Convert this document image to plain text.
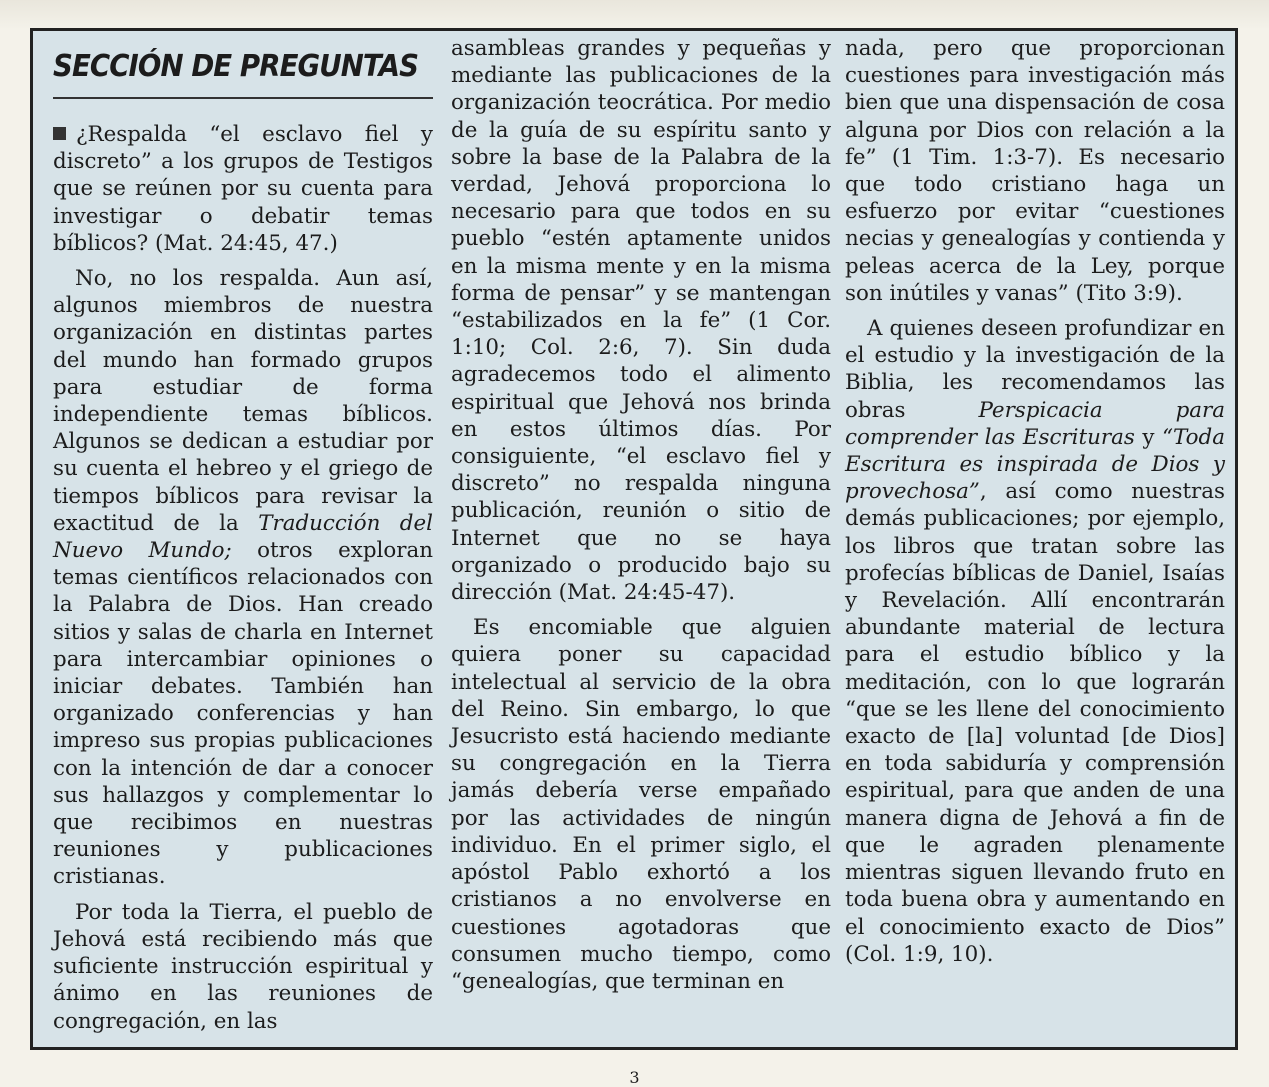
SECCIÓN DE PREGUNTAS

¿Respalda “el esclavo fiel y discreto” a los grupos de Testigos que se reúnen por su cuenta para investigar o debatir temas bíblicos? (Mat. 24:45, 47.)

No, no los respalda. Aun así, algunos miembros de nuestra organización en distintas partes del mundo han formado grupos para estudiar de forma independiente temas bíblicos. Algunos se dedican a estudiar por su cuenta el hebreo y el griego de tiempos bíblicos para revisar la exactitud de la Traducción del Nuevo Mundo; otros exploran temas científicos relacionados con la Palabra de Dios. Han creado sitios y salas de charla en Internet para intercambiar opiniones o iniciar debates. También han organizado conferencias y han impreso sus propias publicaciones con la intención de dar a conocer sus hallazgos y complementar lo que recibimos en nuestras reuniones y publicaciones cristianas.

Por toda la Tierra, el pueblo de Jehová está recibiendo más que suficiente instrucción espiritual y ánimo en las reuniones de congregación, en las

asambleas grandes y pequeñas y mediante las publicaciones de la organización teocrática. Por medio de la guía de su espíritu santo y sobre la base de la Palabra de la verdad, Jehová proporciona lo necesario para que todos en su pueblo “estén aptamente unidos en la misma mente y en la misma forma de pensar” y se mantengan “estabilizados en la fe” (1 Cor. 1:10; Col. 2:6, 7). Sin duda agradecemos todo el alimento espiritual que Jehová nos brinda en estos últimos días. Por consiguiente, “el esclavo fiel y discreto” no respalda ninguna publicación, reunión o sitio de Internet que no se haya organizado o producido bajo su dirección (Mat. 24:45-47).

Es encomiable que alguien quiera poner su capacidad intelectual al servicio de la obra del Reino. Sin embargo, lo que Jesucristo está haciendo mediante su congregación en la Tierra jamás debería verse empañado por las actividades de ningún individuo. En el primer siglo, el apóstol Pablo exhortó a los cristianos a no envolverse en cuestiones agotadoras que consumen mucho tiempo, como “genealogías, que terminan en

nada, pero que proporcionan cuestiones para investigación más bien que una dispensación de cosa alguna por Dios con relación a la fe” (1 Tim. 1:3-7). Es necesario que todo cristiano haga un esfuerzo por evitar “cuestiones necias y genealogías y contienda y peleas acerca de la Ley, porque son inútiles y vanas” (Tito 3:9).

A quienes deseen profundizar en el estudio y la investigación de la Biblia, les recomendamos las obras Perspicacia para comprender las Escrituras y “Toda Escritura es inspirada de Dios y provechosa”, así como nuestras demás publicaciones; por ejemplo, los libros que tratan sobre las profecías bíblicas de Daniel, Isaías y Revelación. Allí encontrarán abundante material de lectura para el estudio bíblico y la meditación, con lo que lograrán “que se les llene del conocimiento exacto de [la] voluntad [de Dios] en toda sabiduría y comprensión espiritual, para que anden de una manera digna de Jehová a fin de que le agraden plenamente mientras siguen llevando fruto en toda buena obra y aumentando en el conocimiento exacto de Dios” (Col. 1:9, 10).

3
